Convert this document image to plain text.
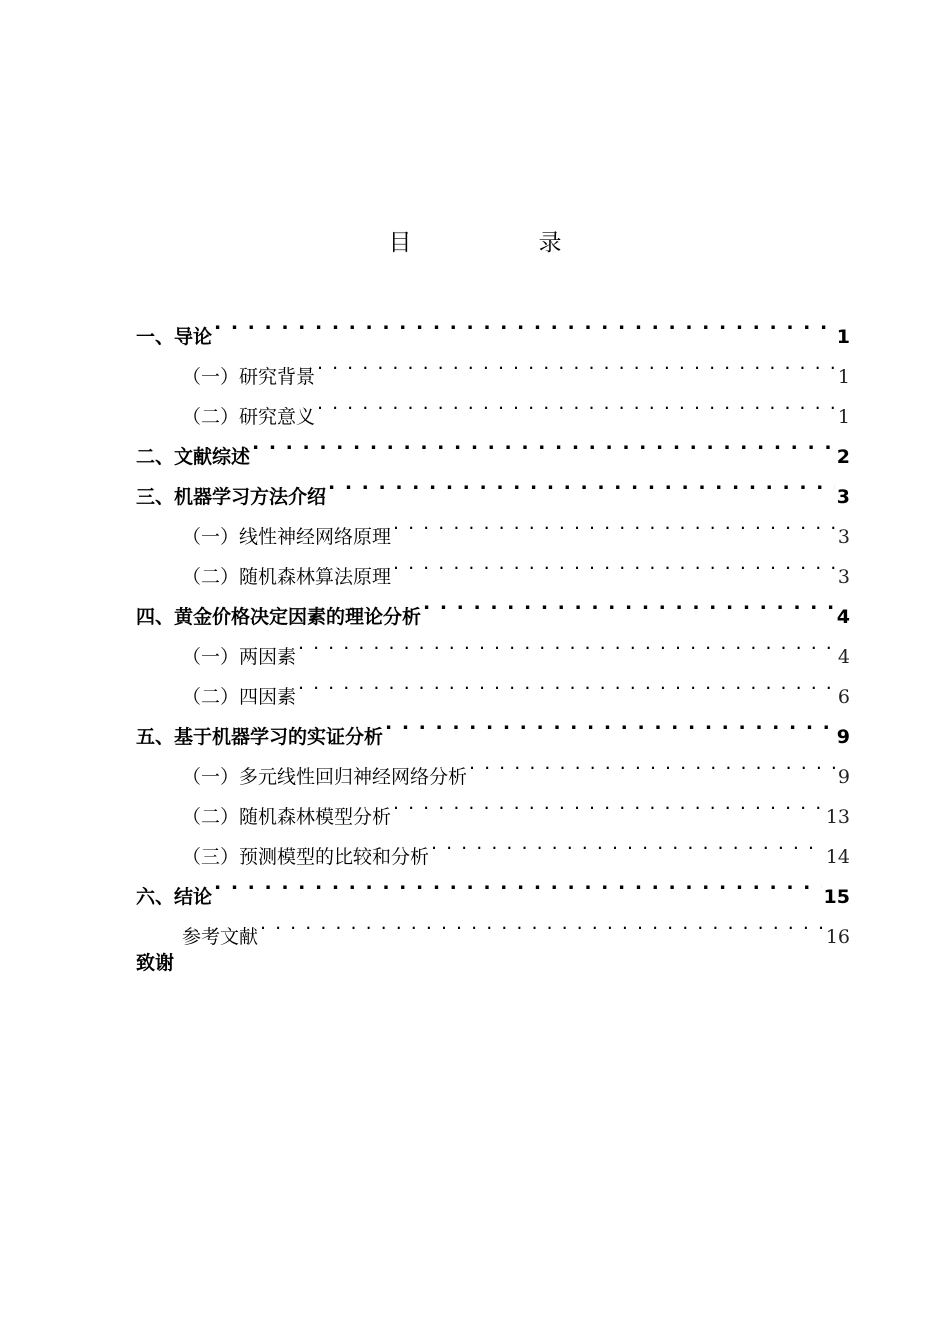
目　录
一、导论 . . .	1
（一）研究背景 . . .	1
（二）研究意义 . . .	1
二、文献综述 . . .	2
三、机器学习方法介绍 . . .	3
（一）线性神经网络原理 . . .	3
（二）随机森林算法原理 . . .	3
四、黄金价格决定因素的理论分析 . . .	4
（一）两因素 . . .	4
（二）四因素 . . .	6
五、基于机器学习的实证分析 . . .	9
（一）多元线性回归神经网络分析 . . .	9
（二）随机森林模型分析 . . .	13
（三）预测模型的比较和分析 . . .	14
六、结论 . . .	15
参考文献 . . .	16
致谢
